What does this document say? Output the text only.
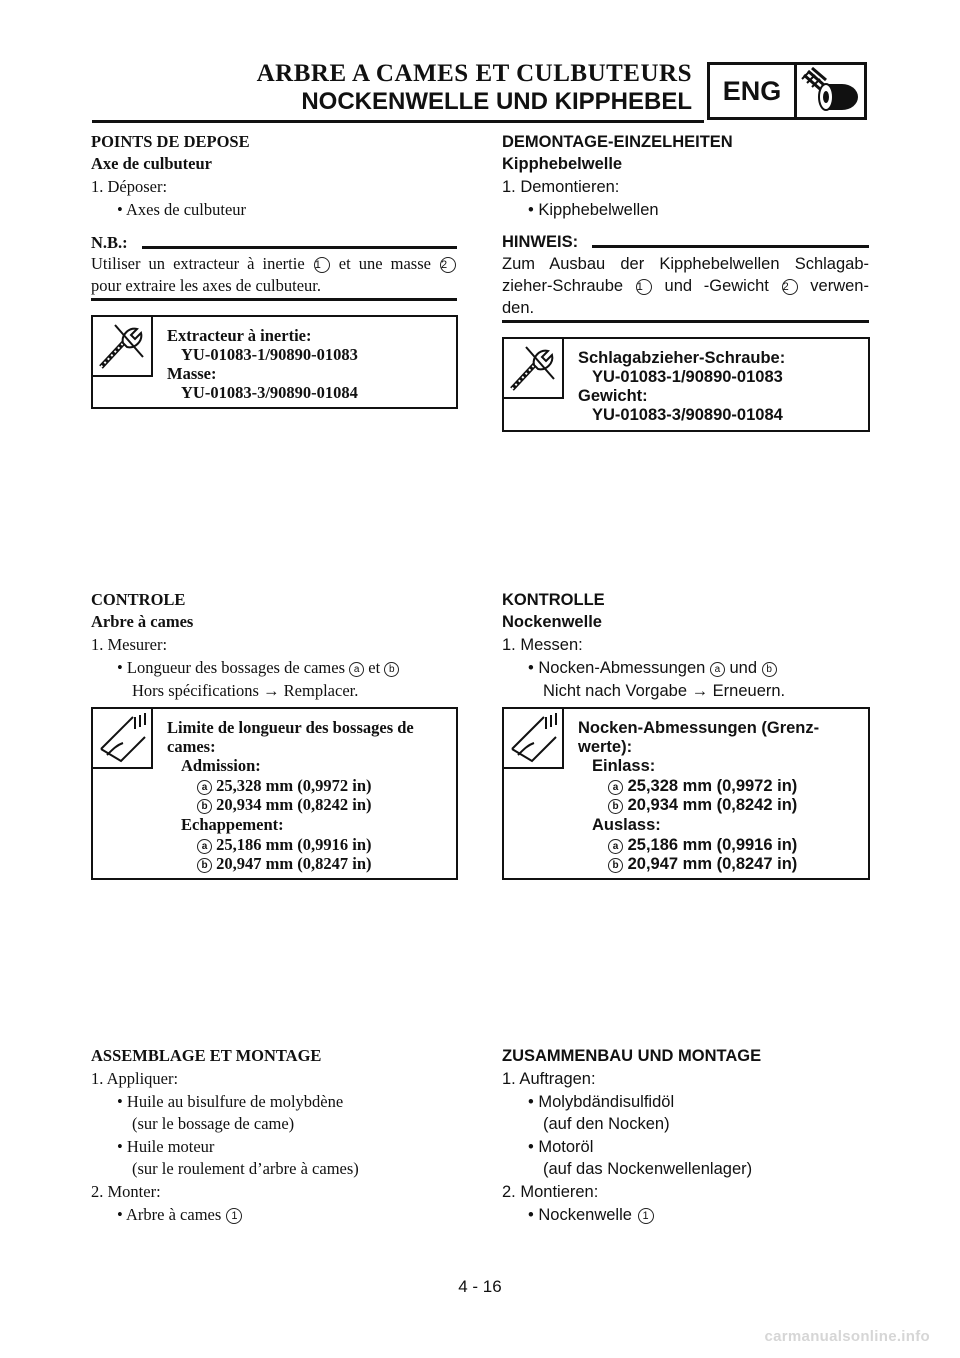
ARBRE A CAMES ET CULBUTEURS
NOCKENWELLE UND KIPPHEBEL	ENG
POINTS DE DEPOSE
Axe de culbuteur
1. Déposer:
• Axes de culbuteur
N.B.:
Utiliser un extracteur à inertie 1 et une masse 2
pour extraire les axes de culbuteur.
Extracteur à inertie:
YU-01083-1/90890-01083
Masse:
YU-01083-3/90890-01084
CONTROLE
Arbre à cames
1. Mesurer:
• Longueur des bossages de cames a et b
Hors spécifications → Remplacer.
Limite de longueur des bossages de
cames:
Admission:
a 25,328 mm (0,9972 in)
b 20,934 mm (0,8242 in)
Echappement:
a 25,186 mm (0,9916 in)
b 20,947 mm (0,8247 in)
ASSEMBLAGE ET MONTAGE
1. Appliquer:
• Huile au bisulfure de molybdène
(sur le bossage de came)
• Huile moteur
(sur le roulement d’arbre à cames)
2. Monter:
• Arbre à cames 1
DEMONTAGE-EINZELHEITEN
Kipphebelwelle
1. Demontieren:
• Kipphebelwellen
HINWEIS:
Zum Ausbau der Kipphebelwellen Schlagab-
zieher-Schraube 1 und -Gewicht 2 verwen-
den.
Schlagabzieher-Schraube:
YU-01083-1/90890-01083
Gewicht:
YU-01083-3/90890-01084
KONTROLLE
Nockenwelle
1. Messen:
• Nocken-Abmessungen a und b
Nicht nach Vorgabe → Erneuern.
Nocken-Abmessungen (Grenz-
werte):
Einlass:
a 25,328 mm (0,9972 in)
b 20,934 mm (0,8242 in)
Auslass:
a 25,186 mm (0,9916 in)
b 20,947 mm (0,8247 in)
ZUSAMMENBAU UND MONTAGE
1. Auftragen:
• Molybdändisulfidöl
(auf den Nocken)
• Motoröl
(auf das Nockenwellenlager)
2. Montieren:
• Nockenwelle 1
4 - 16
carmanualsonline.info
